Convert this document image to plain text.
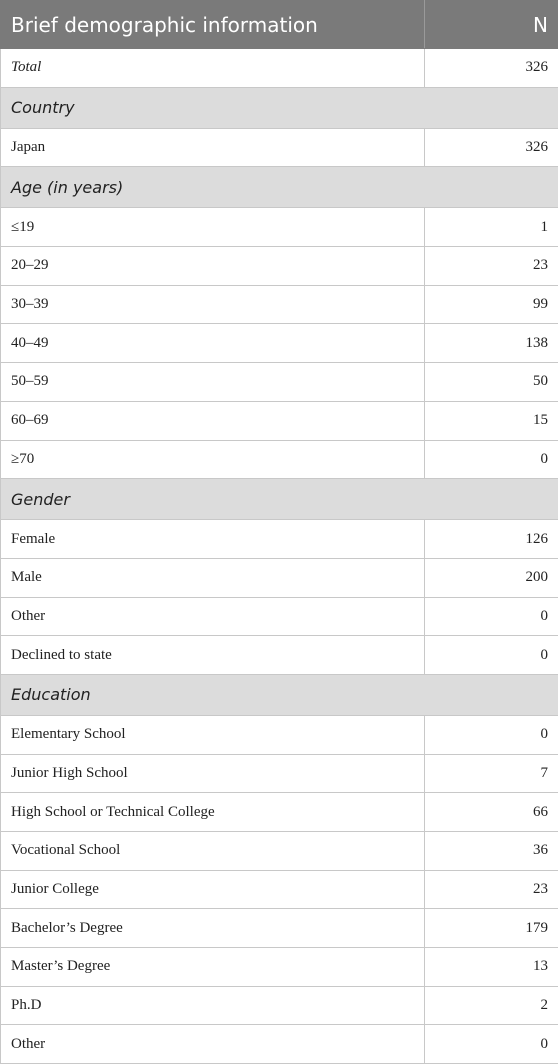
Brief demographic information	N
Total	326
Country	
Japan	326
Age (in years)	
≤19	1
20–29	23
30–39	99
40–49	138
50–59	50
60–69	15
≥70	0
Gender	
Female	126
Male	200
Other	0
Declined to state	0
Education	
Elementary School	0
Junior High School	7
High School or Technical College	66
Vocational School	36
Junior College	23
Bachelor’s Degree	179
Master’s Degree	13
Ph.D	2
Other	0
